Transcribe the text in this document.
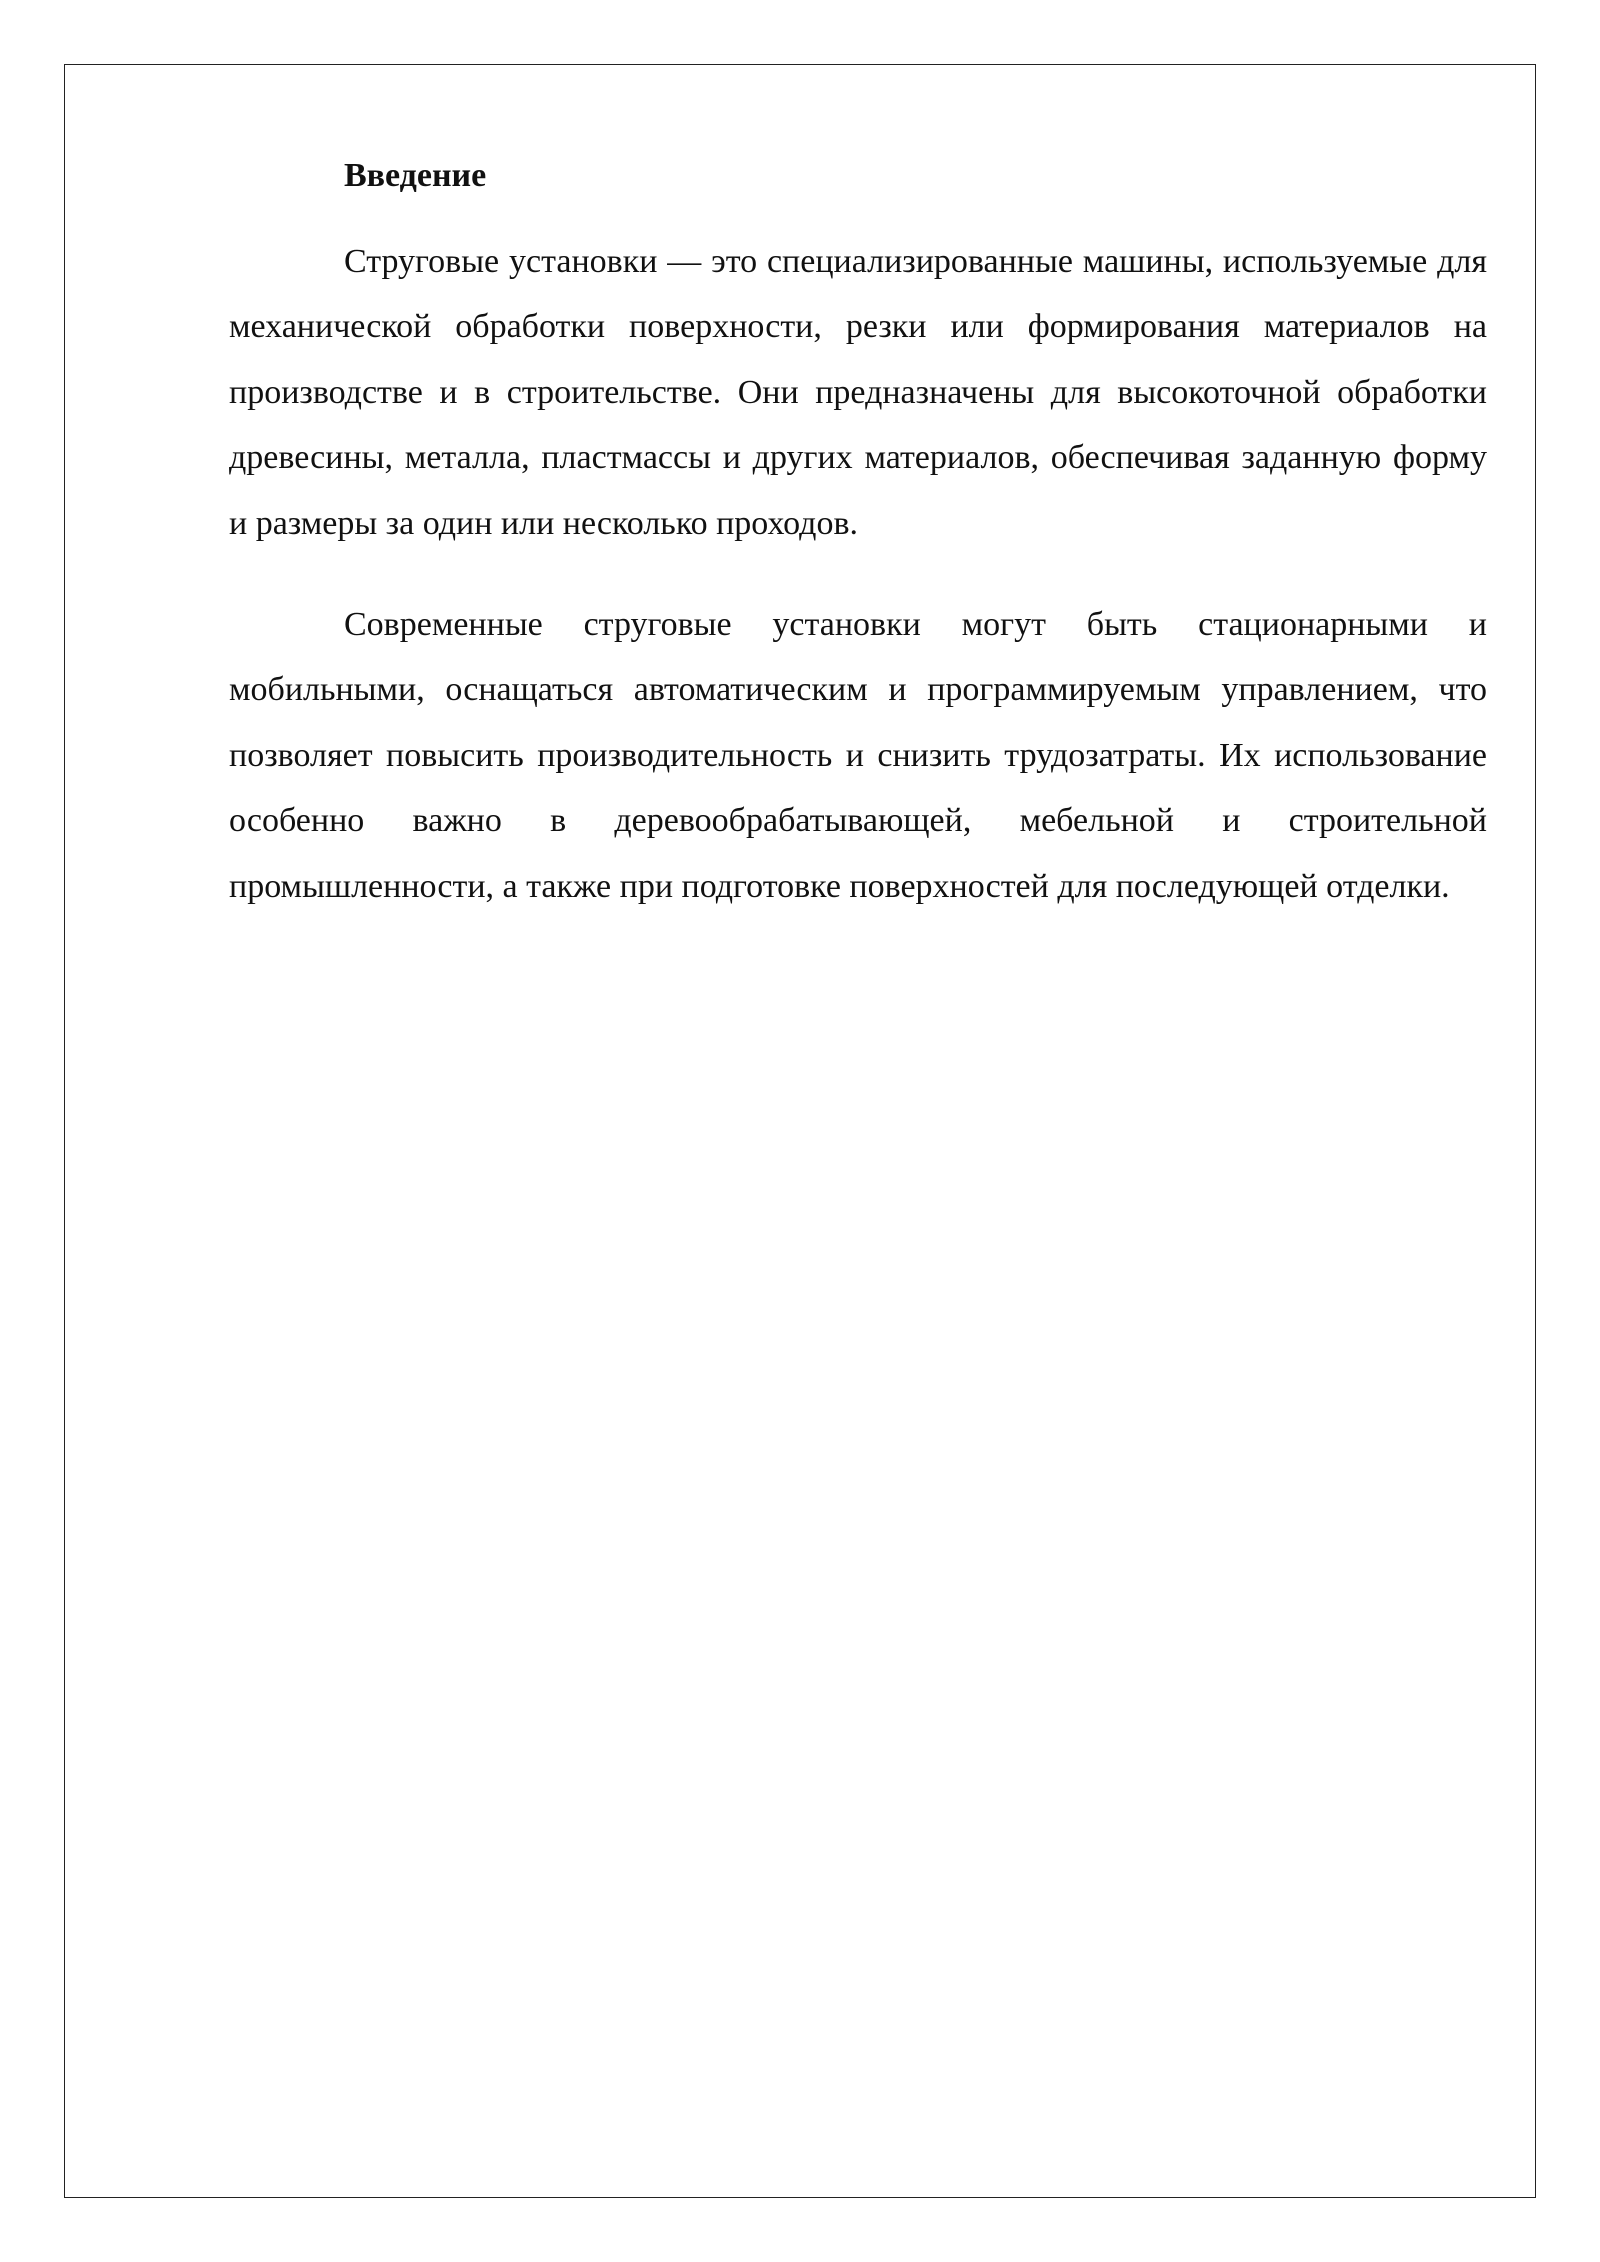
Введение

Струговые установки — это специализированные машины, используемые для механической обработки поверхности, резки или формирования материалов на производстве и в строительстве. Они предназначены для высокоточной обработки древесины, металла, пластмассы и других материалов, обеспечивая заданную форму и размеры за один или несколько проходов.

Современные струговые установки могут быть стационарными и мобильными, оснащаться автоматическим и программируемым управлением, что позволяет повысить производительность и снизить трудозатраты. Их использование особенно важно в деревообрабатывающей, мебельной и строительной промышленности, а также при подготовке поверхностей для последующей отделки.
